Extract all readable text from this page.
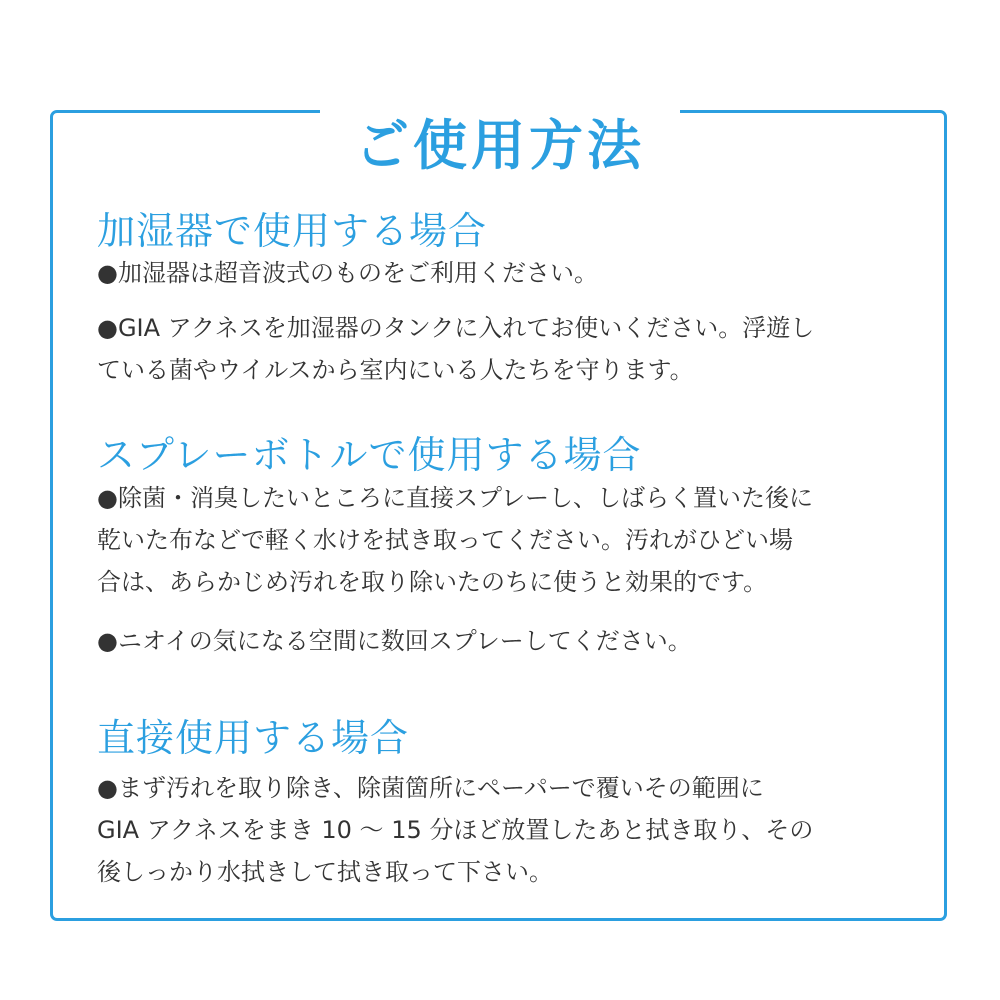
ご使用方法
加湿器で使用する場合

●加湿器は超音波式のものをご利用ください。

●GIA アクネスを加湿器のタンクに入れてお使いください。浮遊し
ている菌やウイルスから室内にいる人たちを守ります。

スプレーボトルで使用する場合

●除菌・消臭したいところに直接スプレーし、しばらく置いた後に
乾いた布などで軽く水けを拭き取ってください。汚れがひどい場
合は、あらかじめ汚れを取り除いたのちに使うと効果的です。

●ニオイの気になる空間に数回スプレーしてください。

直接使用する場合

●まず汚れを取り除き、除菌箇所にペーパーで覆いその範囲に
GIA アクネスをまき 10 〜 15 分ほど放置したあと拭き取り、その
後しっかり水拭きして拭き取って下さい。
